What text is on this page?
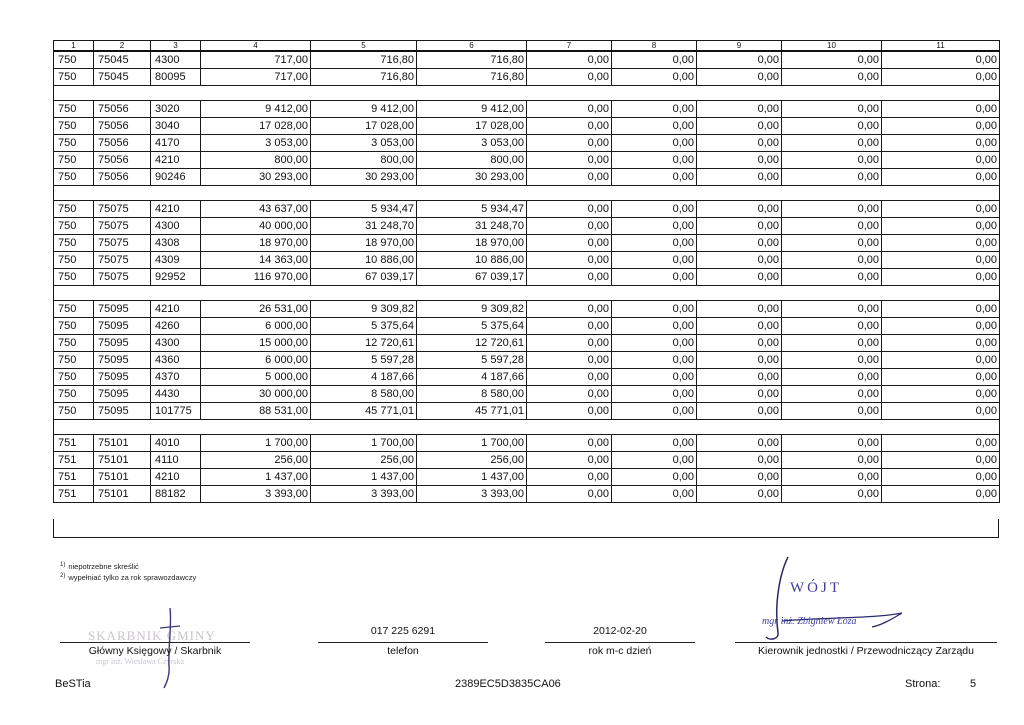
1	2	3	4	5	6	7	8	9	10	11
750	75045	4300	717,00	716,80	716,80	0,00	0,00	0,00	0,00	0,00
750	75045	80095	717,00	716,80	716,80	0,00	0,00	0,00	0,00	0,00

750	75056	3020	9 412,00	9 412,00	9 412,00	0,00	0,00	0,00	0,00	0,00
750	75056	3040	17 028,00	17 028,00	17 028,00	0,00	0,00	0,00	0,00	0,00
750	75056	4170	3 053,00	3 053,00	3 053,00	0,00	0,00	0,00	0,00	0,00
750	75056	4210	800,00	800,00	800,00	0,00	0,00	0,00	0,00	0,00
750	75056	90246	30 293,00	30 293,00	30 293,00	0,00	0,00	0,00	0,00	0,00

750	75075	4210	43 637,00	5 934,47	5 934,47	0,00	0,00	0,00	0,00	0,00
750	75075	4300	40 000,00	31 248,70	31 248,70	0,00	0,00	0,00	0,00	0,00
750	75075	4308	18 970,00	18 970,00	18 970,00	0,00	0,00	0,00	0,00	0,00
750	75075	4309	14 363,00	10 886,00	10 886,00	0,00	0,00	0,00	0,00	0,00
750	75075	92952	116 970,00	67 039,17	67 039,17	0,00	0,00	0,00	0,00	0,00

750	75095	4210	26 531,00	9 309,82	9 309,82	0,00	0,00	0,00	0,00	0,00
750	75095	4260	6 000,00	5 375,64	5 375,64	0,00	0,00	0,00	0,00	0,00
750	75095	4300	15 000,00	12 720,61	12 720,61	0,00	0,00	0,00	0,00	0,00
750	75095	4360	6 000,00	5 597,28	5 597,28	0,00	0,00	0,00	0,00	0,00
750	75095	4370	5 000,00	4 187,66	4 187,66	0,00	0,00	0,00	0,00	0,00
750	75095	4430	30 000,00	8 580,00	8 580,00	0,00	0,00	0,00	0,00	0,00
750	75095	101775	88 531,00	45 771,01	45 771,01	0,00	0,00	0,00	0,00	0,00

751	75101	4010	1 700,00	1 700,00	1 700,00	0,00	0,00	0,00	0,00	0,00
751	75101	4110	256,00	256,00	256,00	0,00	0,00	0,00	0,00	0,00
751	75101	4210	1 437,00	1 437,00	1 437,00	0,00	0,00	0,00	0,00	0,00
751	75101	88182	3 393,00	3 393,00	3 393,00	0,00	0,00	0,00	0,00	0,00
$^{1)}$ niepotrzebne skreślić
$^{2)}$ wypełniać tylko za rok sprawozdawczy
SKARBNIK GMINY
mgr inż. Wiesława Czyrska
Główny Księgowy / Skarbnik
017 225 6291
telefon
2012-02-20
rok m-c dzień
WÓJT
mgr inż. Zbigniew Łoza
Kierownik jednostki / Przewodniczący Zarządu
BeSTia	2389EC5D3835CA06	Strona:	5
